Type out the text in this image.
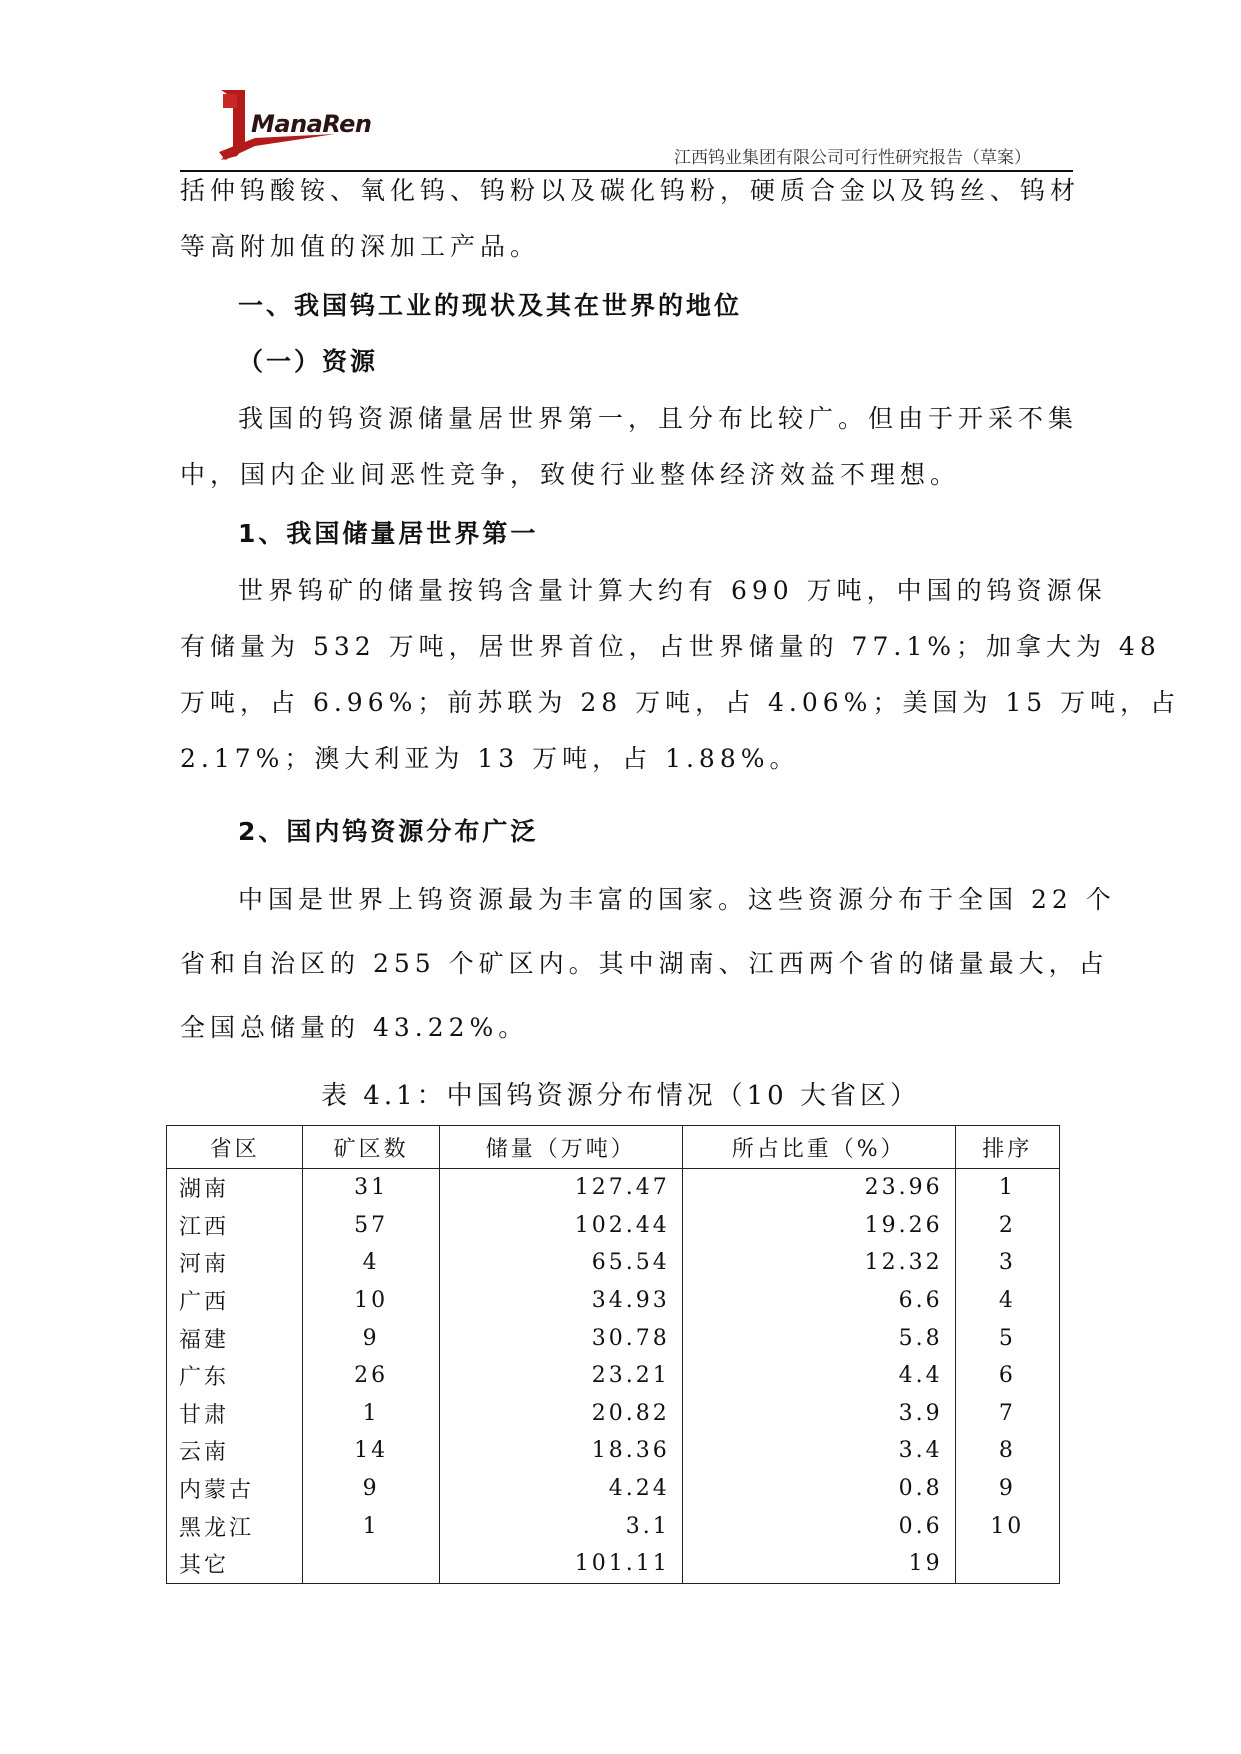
ManaRen
江西钨业集团有限公司可行性研究报告（草案）

括仲钨酸铵、氧化钨、钨粉以及碳化钨粉，硬质合金以及钨丝、钨材
等高附加值的深加工产品。

一、我国钨工业的现状及其在世界的地位
（一）资源

我国的钨资源储量居世界第一，且分布比较广。但由于开采不集
中，国内企业间恶性竞争，致使行业整体经济效益不理想。

1、我国储量居世界第一

世界钨矿的储量按钨含量计算大约有 690 万吨，中国的钨资源保
有储量为 532 万吨，居世界首位，占世界储量的 77.1%；加拿大为 48
万吨，占 6.96%；前苏联为 28 万吨，占 4.06%；美国为 15 万吨，占
2.17%；澳大利亚为 13 万吨，占 1.88%。

2、国内钨资源分布广泛

中国是世界上钨资源最为丰富的国家。这些资源分布于全国 22 个
省和自治区的 255 个矿区内。其中湖南、江西两个省的储量最大，占
全国总储量的 43.22%。

表 4.1：中国钨资源分布情况（10 大省区）
省区	矿区数	储量（万吨）	所占比重（%）	排序
湖南	31	127.47	23.96	1
江西	57	102.44	19.26	2
河南	4	65.54	12.32	3
广西	10	34.93	6.6	4
福建	9	30.78	5.8	5
广东	26	23.21	4.4	6
甘肃	1	20.82	3.9	7
云南	14	18.36	3.4	8
内蒙古	9	4.24	0.8	9
黑龙江	1	3.1	0.6	10
其它		101.11	19	
